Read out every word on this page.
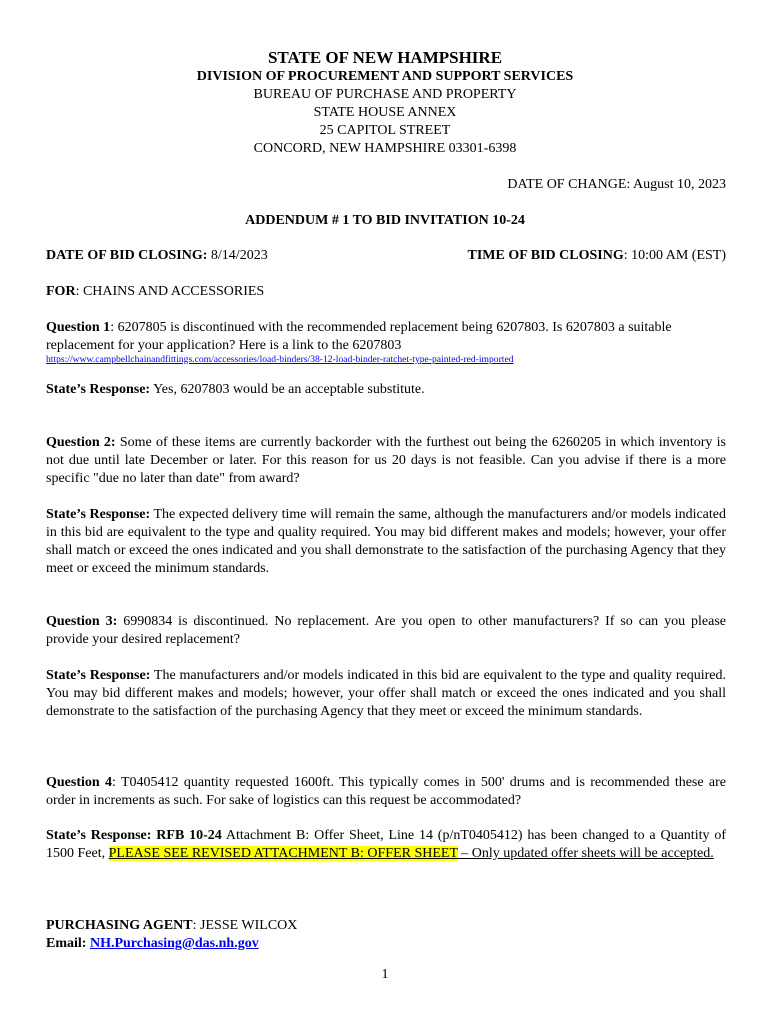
STATE OF NEW HAMPSHIRE
DIVISION OF PROCUREMENT AND SUPPORT SERVICES
BUREAU OF PURCHASE AND PROPERTY
STATE HOUSE ANNEX
25 CAPITOL STREET
CONCORD, NEW HAMPSHIRE 03301-6398
DATE OF CHANGE: August 10, 2023
ADDENDUM # 1 TO BID INVITATION 10-24
DATE OF BID CLOSING: 8/14/2023	TIME OF BID CLOSING: 10:00 AM (EST)
FOR: CHAINS AND ACCESSORIES
Question 1: 6207805 is discontinued with the recommended replacement being 6207803. Is 6207803 a suitable
replacement for your application? Here is a link to the 6207803
https://www.campbellchainandfittings.com/accessories/load-binders/38-12-load-binder-ratchet-type-painted-red-imported
State’s Response: Yes, 6207803 would be an acceptable substitute.
Question 2: Some of these items are currently backorder with the furthest out being the 6260205 in which inventory is not due until late December or later. For this reason for us 20 days is not feasible. Can you advise if there is a more specific "due no later than date" from award?
State’s Response: The expected delivery time will remain the same, although the manufacturers and/or models indicated in this bid are equivalent to the type and quality required. You may bid different makes and models; however, your offer shall match or exceed the ones indicated and you shall demonstrate to the satisfaction of the purchasing Agency that they meet or exceed the minimum standards.
Question 3: 6990834 is discontinued. No replacement. Are you open to other manufacturers? If so can you please provide your desired replacement?
State’s Response: The manufacturers and/or models indicated in this bid are equivalent to the type and quality required. You may bid different makes and models; however, your offer shall match or exceed the ones indicated and you shall demonstrate to the satisfaction of the purchasing Agency that they meet or exceed the minimum standards.
Question 4: T0405412 quantity requested 1600ft. This typically comes in 500' drums and is recommended these are order in increments as such. For sake of logistics can this request be accommodated?
State’s Response: RFB 10-24 Attachment B: Offer Sheet, Line 14 (p/nT0405412) has been changed to a Quantity of 1500 Feet, PLEASE SEE REVISED ATTACHMENT B: OFFER SHEET – Only updated offer sheets will be accepted.
PURCHASING AGENT: JESSE WILCOX
Email: NH.Purchasing@das.nh.gov
1
